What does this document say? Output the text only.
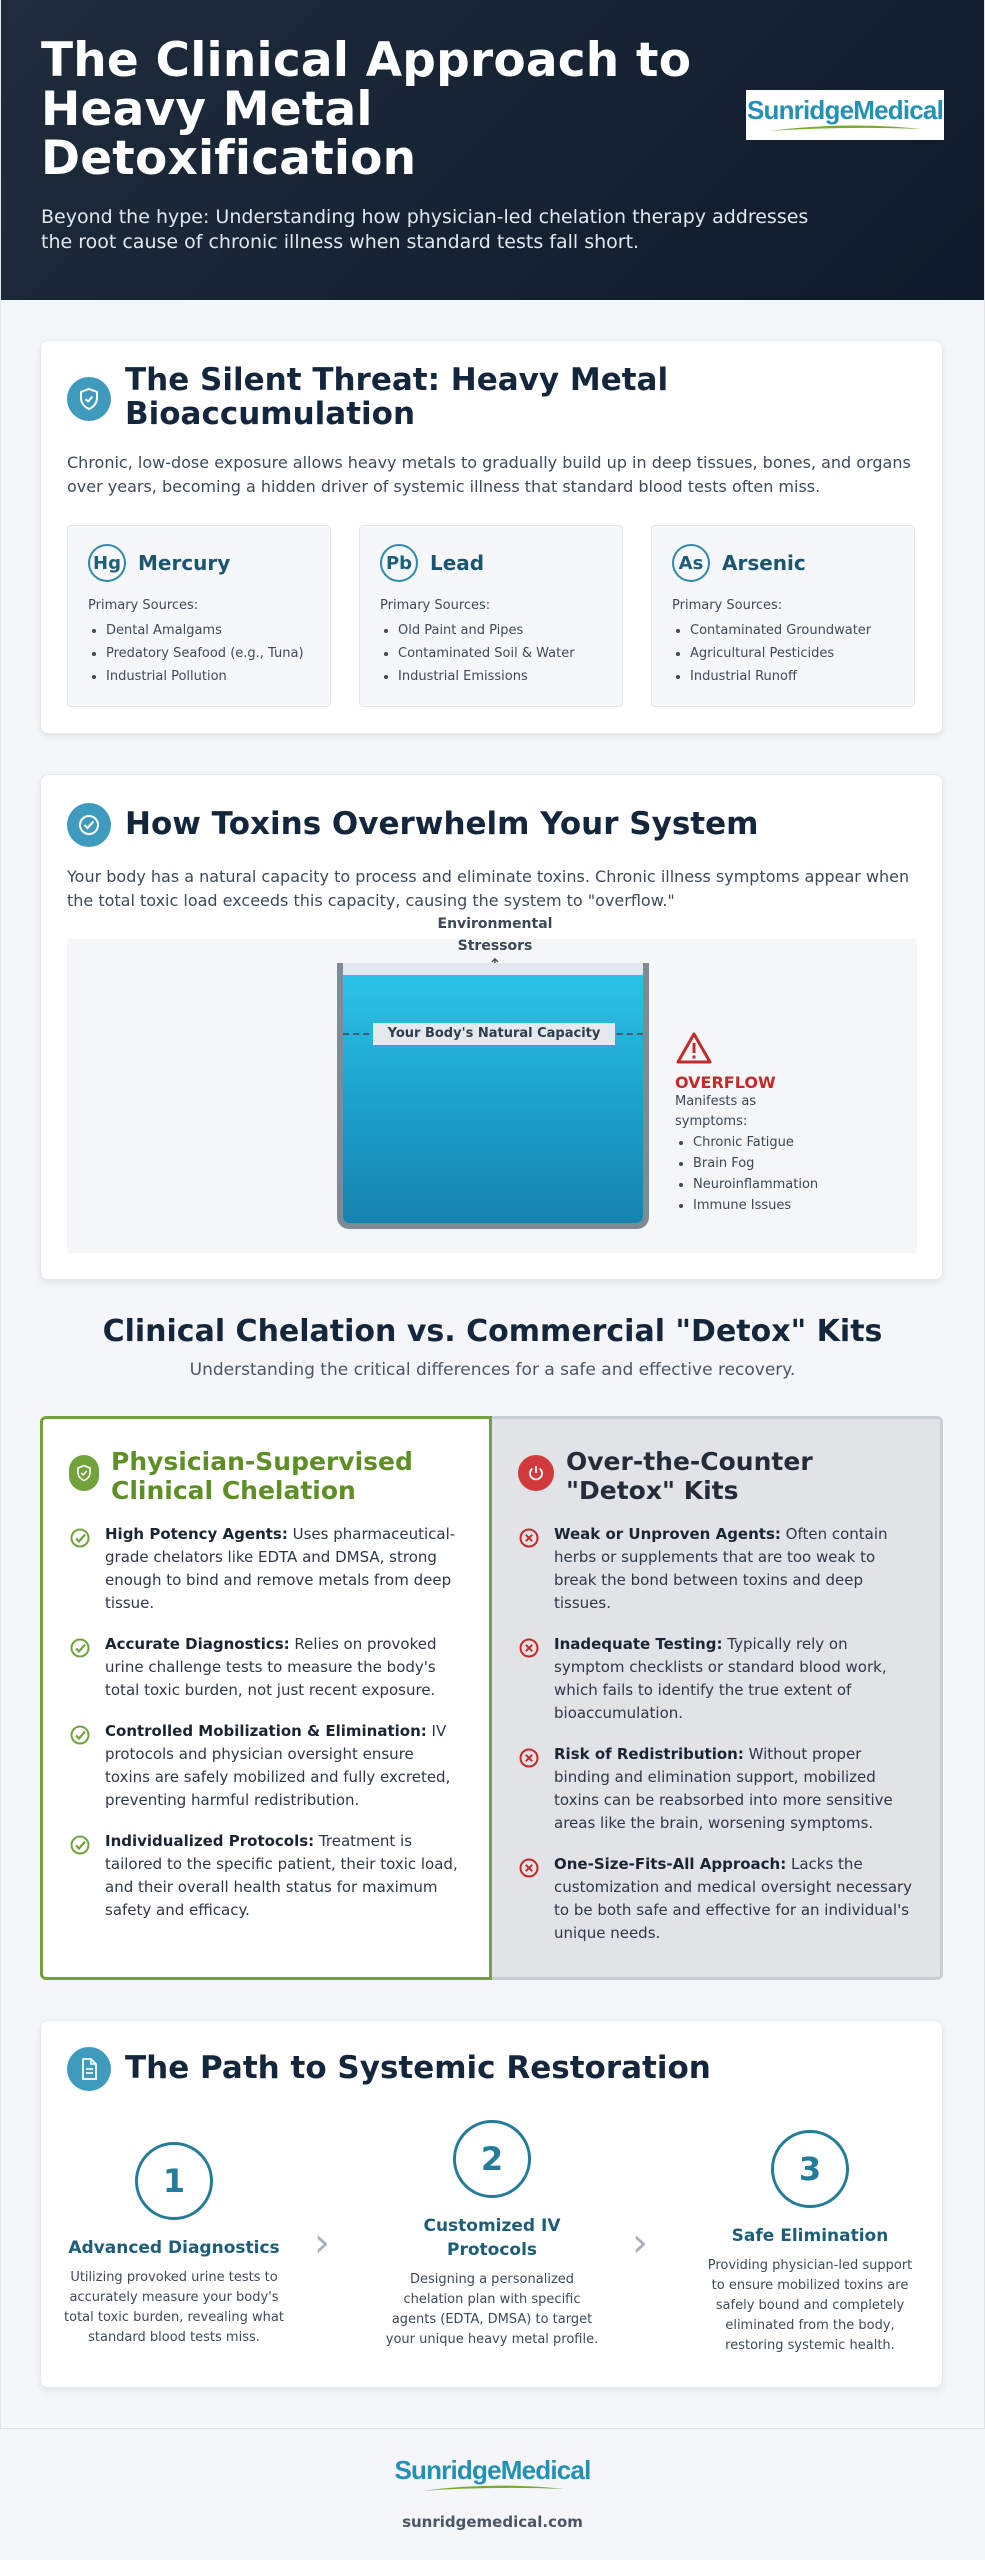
The Clinical Approach to Heavy Metal Detoxification

Beyond the hype: Understanding how physician-led chelation therapy addresses the root cause of chronic illness when standard tests fall short.

SunridgeMedical
The Silent Threat: Heavy Metal Bioaccumulation

Chronic, low-dose exposure allows heavy metals to gradually build up in deep tissues, bones, and organs over years, becoming a hidden driver of systemic illness that standard blood tests often miss.

Hg Mercury
Primary Sources:
• Dental Amalgams
• Predatory Seafood (e.g., Tuna)
• Industrial Pollution
Pb Lead
Primary Sources:
• Old Paint and Pipes
• Contaminated Soil & Water
• Industrial Emissions
As Arsenic
Primary Sources:
• Contaminated Groundwater
• Agricultural Pesticides
• Industrial Runoff
How Toxins Overwhelm Your System

Your body has a natural capacity to process and eliminate toxins. Chronic illness symptoms appear when the total toxic load exceeds this capacity, causing the system to "overflow."

Environmental Stressors
Your Body's Natural Capacity
OVERFLOW
Manifests as symptoms:
• Chronic Fatigue
• Brain Fog
• Neuroinflammation
• Immune Issues
Clinical Chelation vs. Commercial "Detox" Kits

Understanding the critical differences for a safe and effective recovery.

Physician-Supervised Clinical Chelation

High Potency Agents: Uses pharmaceutical-grade chelators like EDTA and DMSA, strong enough to bind and remove metals from deep tissue.

Accurate Diagnostics: Relies on provoked urine challenge tests to measure the body's total toxic burden, not just recent exposure.

Controlled Mobilization & Elimination: IV protocols and physician oversight ensure toxins are safely mobilized and fully excreted, preventing harmful redistribution.

Individualized Protocols: Treatment is tailored to the specific patient, their toxic load, and their overall health status for maximum safety and efficacy.

Over-the-Counter "Detox" Kits

Weak or Unproven Agents: Often contain herbs or supplements that are too weak to break the bond between toxins and deep tissues.

Inadequate Testing: Typically rely on symptom checklists or standard blood work, which fails to identify the true extent of bioaccumulation.

Risk of Redistribution: Without proper binding and elimination support, mobilized toxins can be reabsorbed into more sensitive areas like the brain, worsening symptoms.

One-Size-Fits-All Approach: Lacks the customization and medical oversight necessary to be both safe and effective for an individual's unique needs.

The Path to Systemic Restoration
1
Advanced Diagnostics
Utilizing provoked urine tests to accurately measure your body's total toxic burden, revealing what standard blood tests miss.
›
2
Customized IV Protocols
Designing a personalized chelation plan with specific agents (EDTA, DMSA) to target your unique heavy metal profile.
›
3
Safe Elimination
Providing physician-led support to ensure mobilized toxins are safely bound and completely eliminated from the body, restoring systemic health.
SunridgeMedical
sunridgemedical.com
